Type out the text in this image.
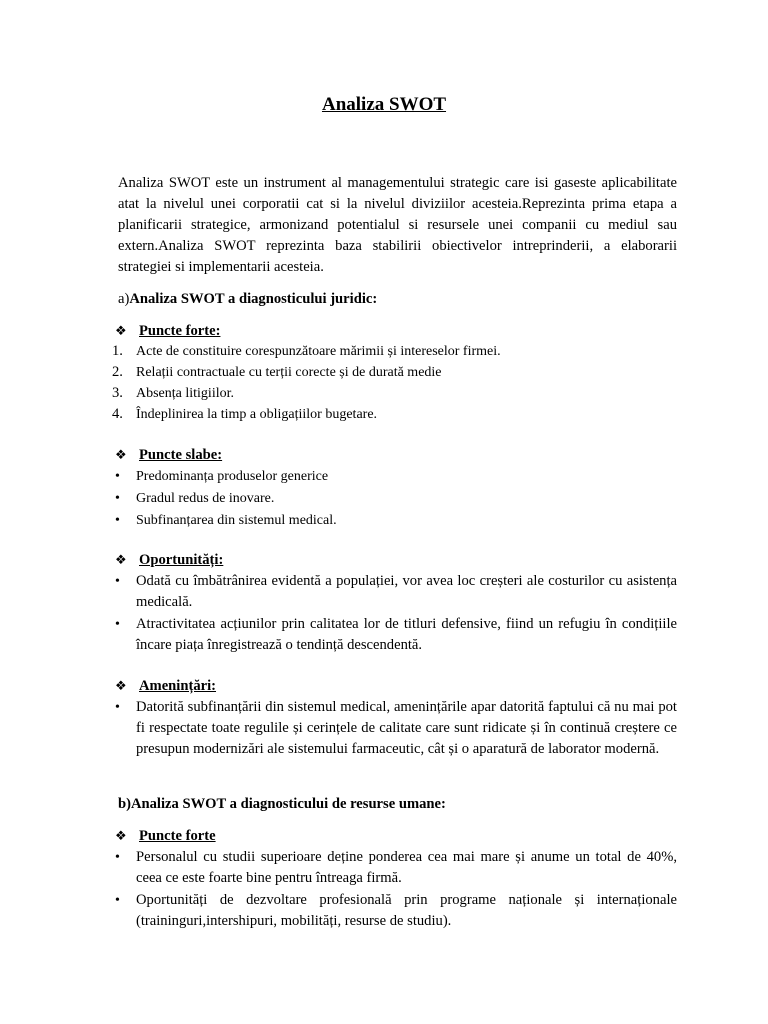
Analiza SWOT

Analiza SWOT este un instrument al managementului strategic care isi gaseste aplicabilitate atat la nivelul unei corporatii cat si la nivelul diviziilor acesteia.Reprezinta prima etapa a planificarii strategice, armonizand potentialul si resursele unei companii cu mediul sau extern.Analiza SWOT reprezinta baza stabilirii obiectivelor intreprinderii, a elaborarii strategiei si implementarii acesteia.

a)Analiza SWOT a diagnosticului juridic:

❖ Puncte forte:
1. Acte de constituire corespunzătoare mărimii și intereselor firmei.
2. Relații contractuale cu terții corecte și de durată medie
3. Absența litigiilor.
4. Îndeplinirea la timp a obligațiilor bugetare.
❖ Puncte slabe:
•	Predominanța produselor generice
•	Gradul redus de inovare.
•	Subfinanțarea din sistemul medical.
❖ Oportunități:
•	Odată cu îmbătrânirea evidentă a populației, vor avea loc creșteri ale costurilor cu asistența medicală.
•	Atractivitatea acțiunilor prin calitatea lor de titluri defensive, fiind un refugiu în condițiile încare piața înregistrează o tendință descendentă.
❖ Amenințări:
•	Datorită subfinanțării din sistemul medical, amenințările apar datorită faptului că nu mai pot fi respectate toate regulile și cerințele de calitate care sunt ridicate și în continuă creștere ce presupun modernizări ale sistemului farmaceutic, cât și o aparatură de laborator modernă.

b)Analiza SWOT a diagnosticului de resurse umane:

❖ Puncte forte
•	Personalul cu studii superioare deține ponderea cea mai mare și anume un total de 40%, ceea ce este foarte bine pentru întreaga firmă.
•	Oportunități de dezvoltare profesională prin programe naționale și internaționale (traininguri,intershipuri, mobilități, resurse de studiu).
